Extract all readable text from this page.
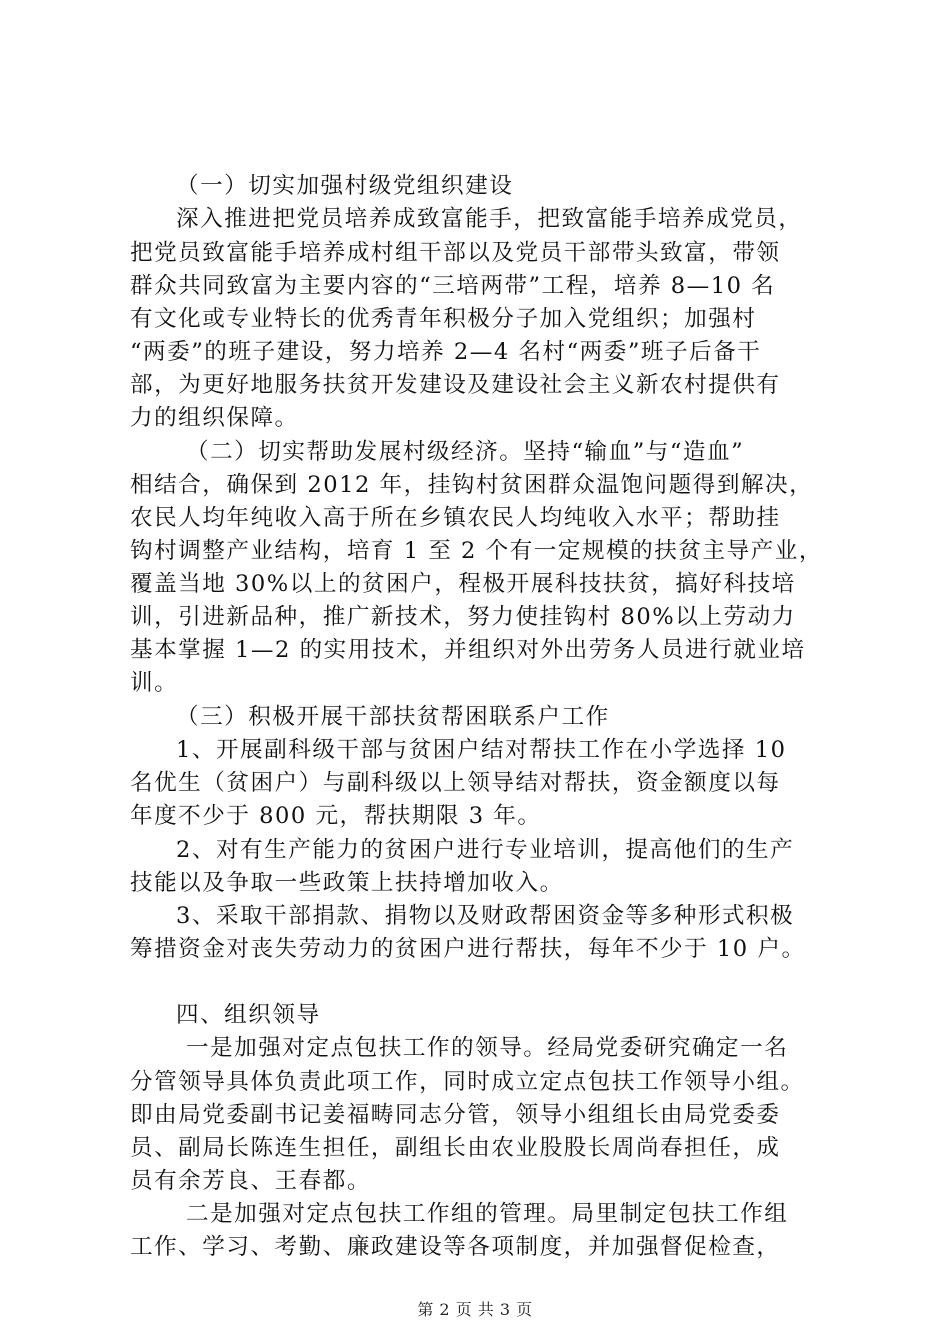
（一）切实加强村级党组织建设
深入推进把党员培养成致富能手，把致富能手培养成党员，
把党员致富能手培养成村组干部以及党员干部带头致富，带领
群众共同致富为主要内容的“三培两带”工程，培养 8—10 名
有文化或专业特长的优秀青年积极分子加入党组织；加强村
“两委”的班子建设，努力培养 2—4 名村“两委”班子后备干
部，为更好地服务扶贫开发建设及建设社会主义新农村提供有
力的组织保障。
（二）切实帮助发展村级经济。坚持“输血”与“造血”
相结合，确保到 2012 年，挂钩村贫困群众温饱问题得到解决，
农民人均年纯收入高于所在乡镇农民人均纯收入水平；帮助挂
钩村调整产业结构，培育 1 至 2 个有一定规模的扶贫主导产业，
覆盖当地 30%以上的贫困户，程极开展科技扶贫，搞好科技培
训，引进新品种，推广新技术，努力使挂钩村 80%以上劳动力
基本掌握 1—2 的实用技术，并组织对外出劳务人员进行就业培
训。
（三）积极开展干部扶贫帮困联系户工作
1、开展副科级干部与贫困户结对帮扶工作在小学选择 10
名优生（贫困户）与副科级以上领导结对帮扶，资金额度以每
年度不少于 800 元，帮扶期限 3 年。
2、对有生产能力的贫困户进行专业培训，提高他们的生产
技能以及争取一些政策上扶持增加收入。
3、采取干部捐款、捐物以及财政帮困资金等多种形式积极
筹措资金对丧失劳动力的贫困户进行帮扶，每年不少于 10 户。
四、组织领导
一是加强对定点包扶工作的领导。经局党委研究确定一名
分管领导具体负责此项工作，同时成立定点包扶工作领导小组。
即由局党委副书记姜福畴同志分管，领导小组组长由局党委委
员、副局长陈连生担任，副组长由农业股股长周尚春担任，成
员有余芳良、王春都。
二是加强对定点包扶工作组的管理。局里制定包扶工作组
工作、学习、考勤、廉政建设等各项制度，并加强督促检查，
第 2 页 共 3 页
